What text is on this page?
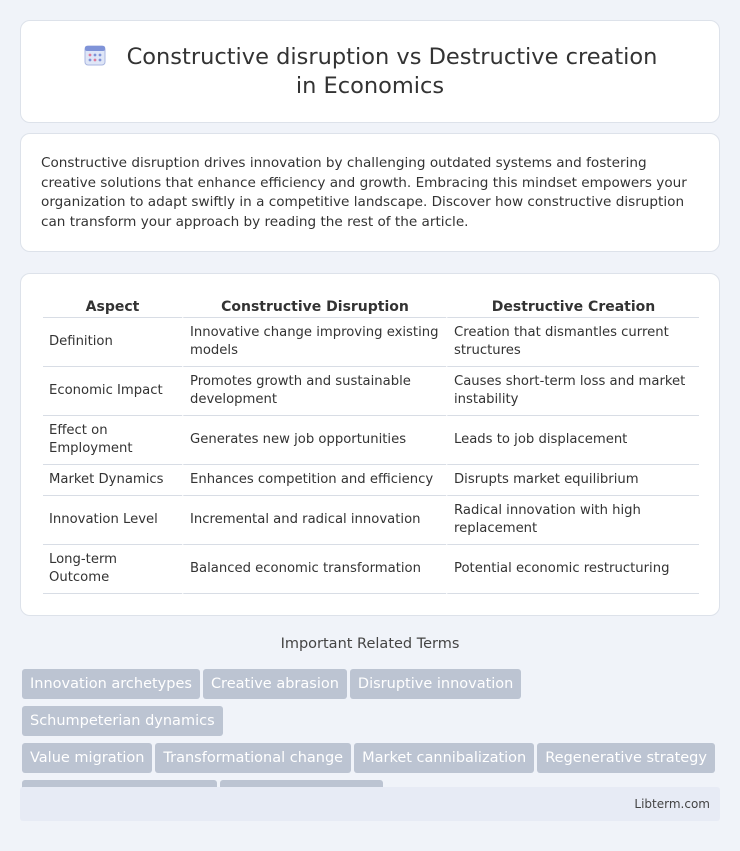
Constructive disruption vs Destructive creation in Economics

Constructive disruption drives innovation by challenging outdated systems and fostering creative solutions that enhance efficiency and growth. Embracing this mindset empowers your organization to adapt swiftly in a competitive landscape. Discover how constructive disruption can transform your approach by reading the rest of the article.

Aspect	Constructive Disruption	Destructive Creation
Definition	Innovative change improving existing models	Creation that dismantles current structures
Economic Impact	Promotes growth and sustainable development	Causes short-term loss and market instability
Effect on Employment	Generates new job opportunities	Leads to job displacement
Market Dynamics	Enhances competition and efficiency	Disrupts market equilibrium
Innovation Level	Incremental and radical innovation	Radical innovation with high replacement
Long-term Outcome	Balanced economic transformation	Potential economic restructuring
Important Related Terms
Innovation archetypes Creative abrasion Disruptive innovationSchumpeterian dynamics
Value migration Transformational change Market cannibalization Regenerative strategy

Libterm.com
